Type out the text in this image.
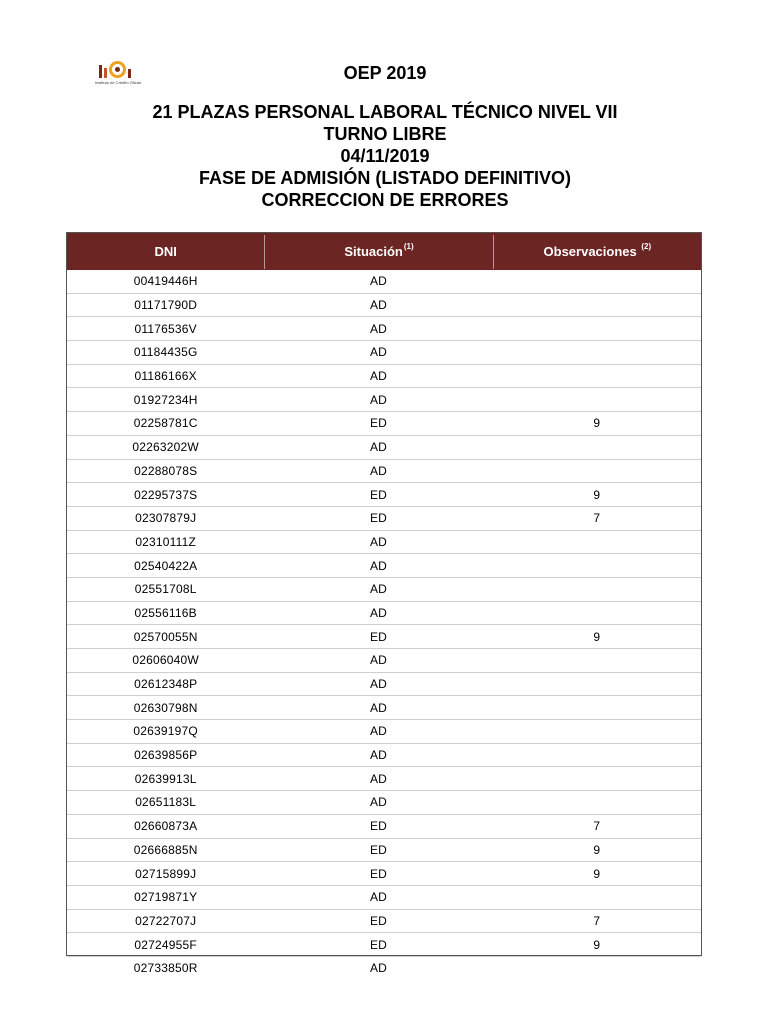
Instituto de Crédito Oficial	OEP 2019
21 PLAZAS PERSONAL LABORAL TÉCNICO NIVEL VII
TURNO LIBRE
04/11/2019
FASE DE ADMISIÓN (LISTADO DEFINITIVO)
CORRECCION DE ERRORES
DNI	Situación$^{(1)}$	Observaciones $^{(2)}$
00419446H	AD
01171790D	AD
01176536V	AD
01184435G	AD
01186166X	AD
01927234H	AD
02258781C	ED	9
02263202W	AD
02288078S	AD
02295737S	ED	9
02307879J	ED	7
02310111Z	AD
02540422A	AD
02551708L	AD
02556116B	AD
02570055N	ED	9
02606040W	AD
02612348P	AD
02630798N	AD
02639197Q	AD
02639856P	AD
02639913L	AD
02651183L	AD
02660873A	ED	7
02666885N	ED	9
02715899J	ED	9
02719871Y	AD
02722707J	ED	7
02724955F	ED	9
02733850R	AD
